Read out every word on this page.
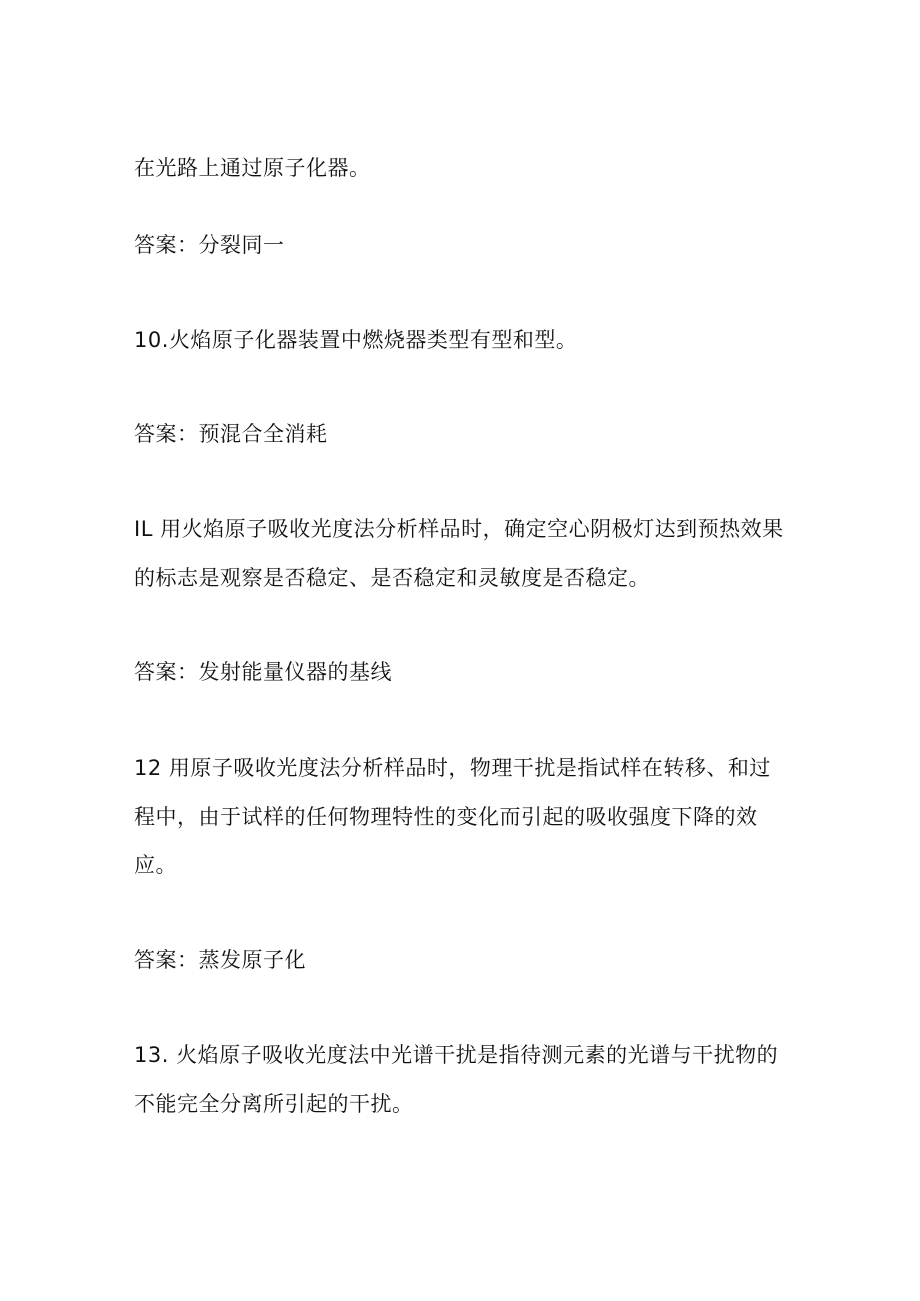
在光路上通过原子化器。
答案：分裂同一
10.火焰原子化器装置中燃烧器类型有型和型。
答案：预混合全消耗
IL 用火焰原子吸收光度法分析样品时，确定空心阴极灯达到预热效果
的标志是观察是否稳定、是否稳定和灵敏度是否稳定。
答案：发射能量仪器的基线
12 用原子吸收光度法分析样品时，物理干扰是指试样在转移、和过
程中，由于试样的任何物理特性的变化而引起的吸收强度下降的效
应。
答案：蒸发原子化
13. 火焰原子吸收光度法中光谱干扰是指待测元素的光谱与干扰物的
不能完全分离所引起的干扰。
